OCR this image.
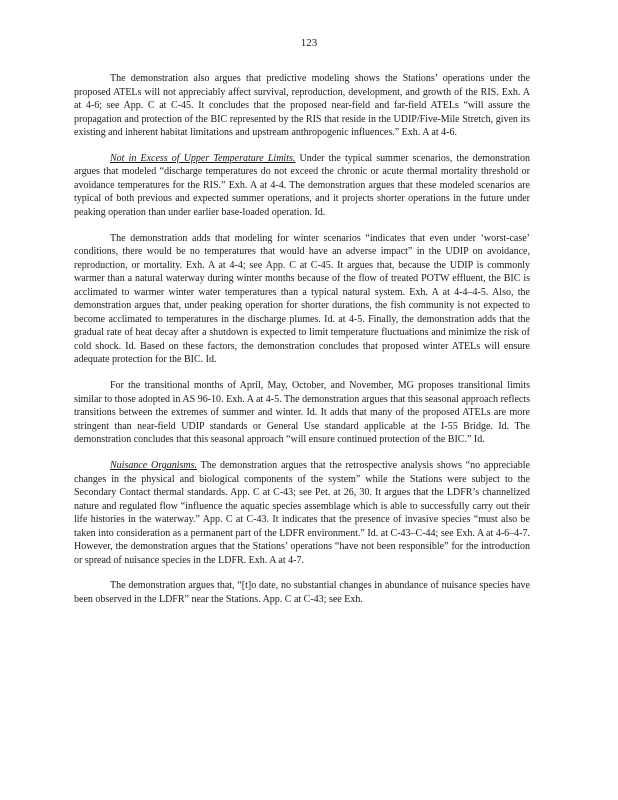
123

The demonstration also argues that predictive modeling shows the Stations’ operations under the proposed ATELs will not appreciably affect survival, reproduction, development, and growth of the RIS. Exh. A at 4-6; see App. C at C-45. It concludes that the proposed near-field and far-field ATELs “will assure the propagation and protection of the BIC represented by the RIS that reside in the UDIP/Five-Mile Stretch, given its existing and inherent habitat limitations and upstream anthropogenic influences.” Exh. A at 4-6.

Not in Excess of Upper Temperature Limits. Under the typical summer scenarios, the demonstration argues that modeled “discharge temperatures do not exceed the chronic or acute thermal mortality threshold or avoidance temperatures for the RIS.” Exh. A at 4-4. The demonstration argues that these modeled scenarios are typical of both previous and expected summer operations, and it projects shorter operations in the future under peaking operation than under earlier base-loaded operation. Id.

The demonstration adds that modeling for winter scenarios “indicates that even under ‘worst-case’ conditions, there would be no temperatures that would have an adverse impact” in the UDIP on avoidance, reproduction, or mortality. Exh. A at 4-4; see App. C at C-45. It argues that, because the UDIP is commonly warmer than a natural waterway during winter months because of the flow of treated POTW effluent, the BIC is acclimated to warmer winter water temperatures than a typical natural system. Exh. A at 4-4–4-5. Also, the demonstration argues that, under peaking operation for shorter durations, the fish community is not expected to become acclimated to temperatures in the discharge plumes. Id. at 4-5. Finally, the demonstration adds that the gradual rate of heat decay after a shutdown is expected to limit temperature fluctuations and minimize the risk of cold shock. Id. Based on these factors, the demonstration concludes that proposed winter ATELs will ensure adequate protection for the BIC. Id.

For the transitional months of April, May, October, and November, MG proposes transitional limits similar to those adopted in AS 96-10. Exh. A at 4-5. The demonstration argues that this seasonal approach reflects transitions between the extremes of summer and winter. Id. It adds that many of the proposed ATELs are more stringent than near-field UDIP standards or General Use standard applicable at the I-55 Bridge. Id. The demonstration concludes that this seasonal approach “will ensure continued protection of the BIC.” Id.

Nuisance Organisms. The demonstration argues that the retrospective analysis shows “no appreciable changes in the physical and biological components of the system” while the Stations were subject to the Secondary Contact thermal standards. App. C at C-43; see Pet. at 26, 30. It argues that the LDFR’s channelized nature and regulated flow “influence the aquatic species assemblage which is able to successfully carry out their life histories in the waterway.” App. C at C-43. It indicates that the presence of invasive species “must also be taken into consideration as a permanent part of the LDFR environment.” Id. at C-43–C-44; see Exh. A at 4-6–4-7. However, the demonstration argues that the Stations’ operations “have not been responsible” for the introduction or spread of nuisance species in the LDFR. Exh. A at 4-7.

The demonstration argues that, “[t]o date, no substantial changes in abundance of nuisance species have been observed in the LDFR” near the Stations. App. C at C-43; see Exh.
